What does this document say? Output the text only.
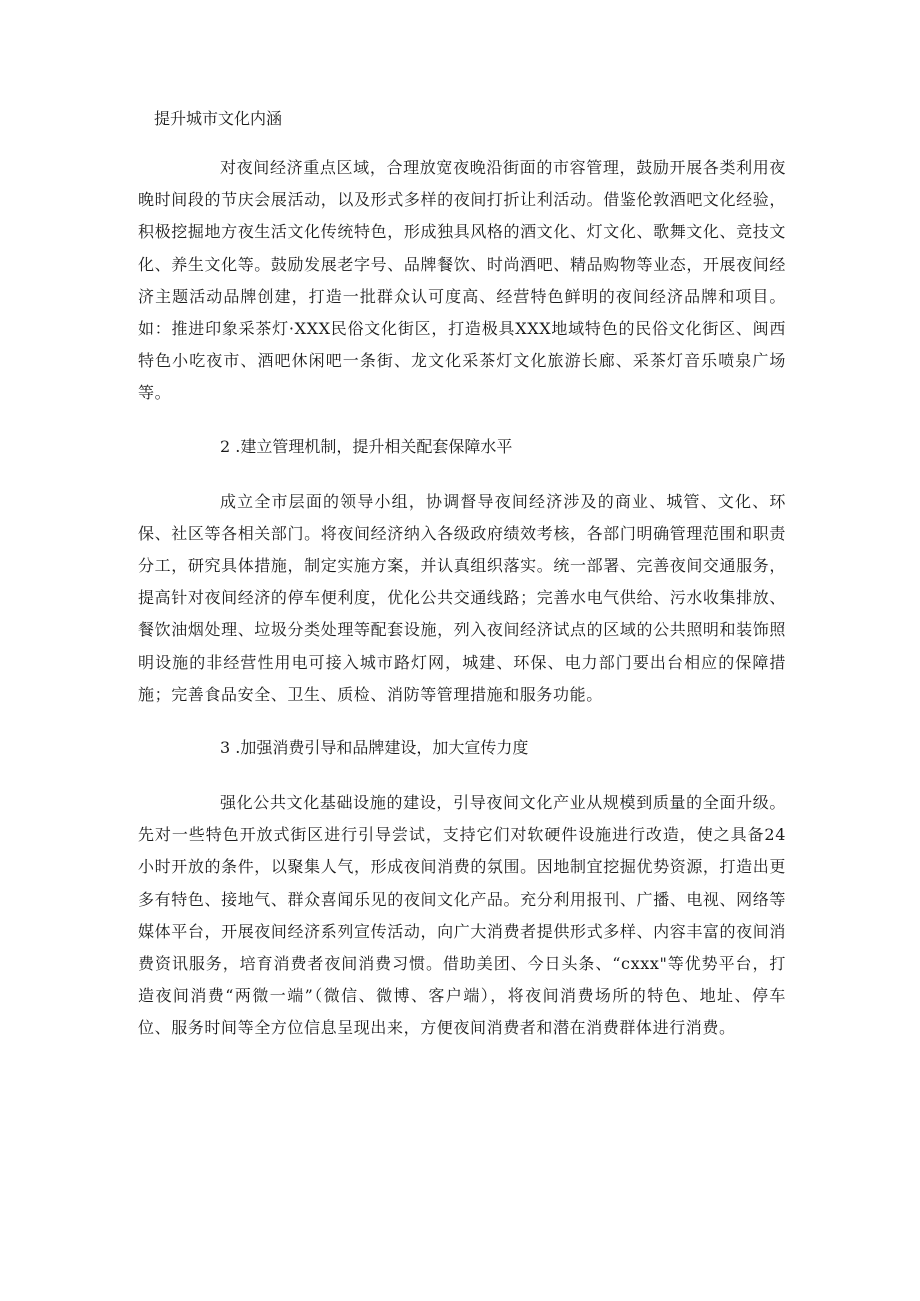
提升城市文化内涵

对夜间经济重点区域，合理放宽夜晚沿街面的市容管理，鼓励开展各类利用夜晚时间段的节庆会展活动，以及形式多样的夜间打折让利活动。借鉴伦敦酒吧文化经验，积极挖掘地方夜生活文化传统特色，形成独具风格的酒文化、灯文化、歌舞文化、竞技文化、养生文化等。鼓励发展老字号、品牌餐饮、时尚酒吧、精品购物等业态，开展夜间经济主题活动品牌创建，打造一批群众认可度高、经营特色鲜明的夜间经济品牌和项目。如：推进印象采茶灯·XXX民俗文化街区，打造极具XXX地域特色的民俗文化街区、闽西特色小吃夜市、酒吧休闲吧一条街、龙文化采茶灯文化旅游长廊、采茶灯音乐喷泉广场等。

2 .建立管理机制，提升相关配套保障水平

成立全市层面的领导小组，协调督导夜间经济涉及的商业、城管、文化、环保、社区等各相关部门。将夜间经济纳入各级政府绩效考核，各部门明确管理范围和职责分工，研究具体措施，制定实施方案，并认真组织落实。统一部署、完善夜间交通服务，提高针对夜间经济的停车便利度，优化公共交通线路；完善水电气供给、污水收集排放、餐饮油烟处理、垃圾分类处理等配套设施，列入夜间经济试点的区域的公共照明和装饰照明设施的非经营性用电可接入城市路灯网，城建、环保、电力部门要出台相应的保障措施；完善食品安全、卫生、质检、消防等管理措施和服务功能。

3 .加强消费引导和品牌建设，加大宣传力度

强化公共文化基础设施的建设，引导夜间文化产业从规模到质量的全面升级。先对一些特色开放式街区进行引导尝试，支持它们对软硬件设施进行改造，使之具备24小时开放的条件，以聚集人气，形成夜间消费的氛围。因地制宜挖掘优势资源，打造出更多有特色、接地气、群众喜闻乐见的夜间文化产品。充分利用报刊、广播、电视、网络等媒体平台，开展夜间经济系列宣传活动，向广大消费者提供形式多样、内容丰富的夜间消费资讯服务，培育消费者夜间消费习惯。借助美团、今日头条、“cxxx"等优势平台，打造夜间消费“两微一端”（微信、微博、客户端），将夜间消费场所的特色、地址、停车位、服务时间等全方位信息呈现出来，方便夜间消费者和潜在消费群体进行消费。
